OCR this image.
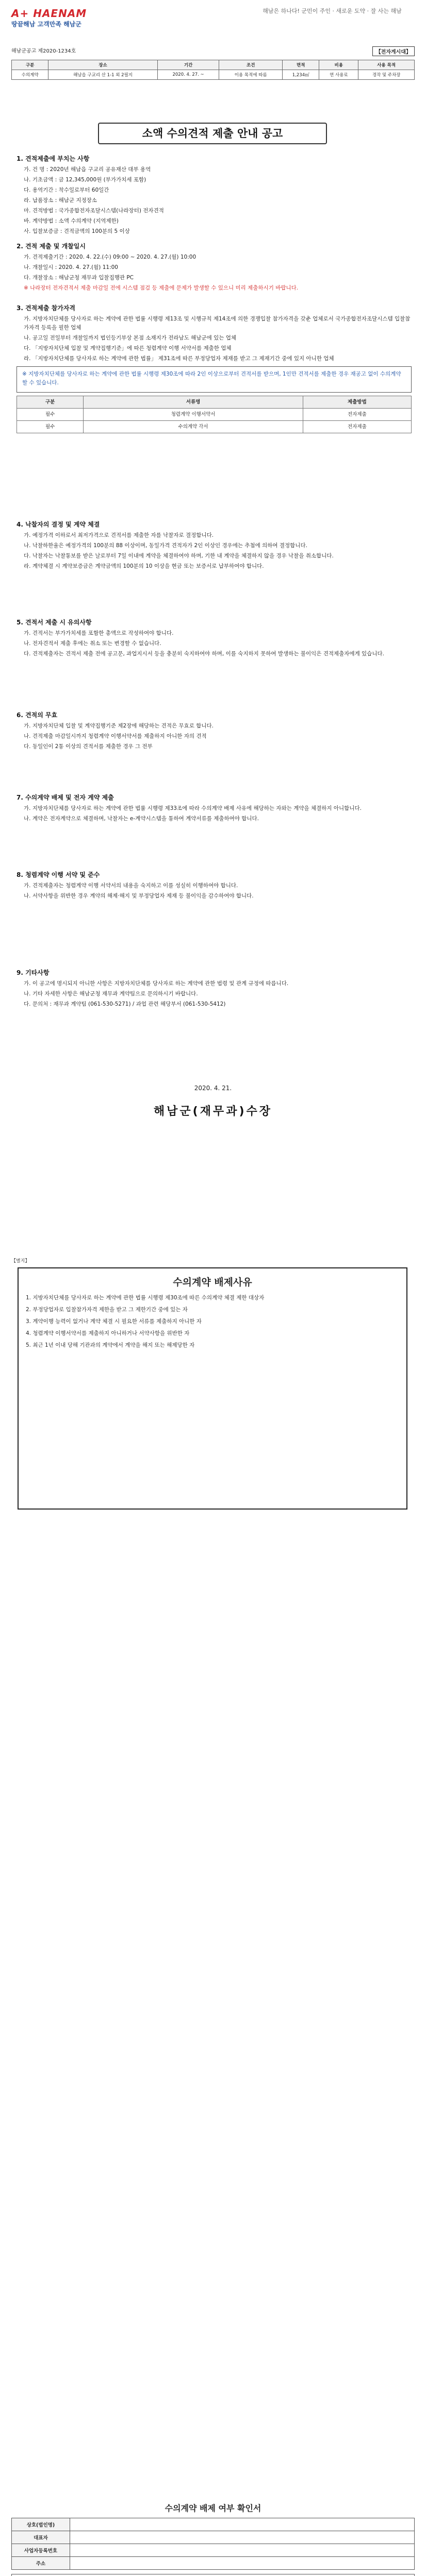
A+ HAENAM
땅끝해남 고객만족 해남군
해남은 하나다! 군민이 주인 · 새로운 도약 · 잘 사는 해남
해남군공고 제2020-1234호	【전자게시대】
구분	장소	기간	조건	면적	비용	사용 목적
수의계약	해남읍 구교리 산 1-1 외 2필지	2020. 4. 27. ~	이용 목적에 따름	1,234㎡	연 사용료	경작 및 주차장
소액 수의견적 제출 안내 공고
1. 견적제출에 부치는 사항

가. 건 명 : 2020년 해남읍 구교리 공유재산 대부 용역

나. 기초금액 : 금 12,345,000원 (부가가치세 포함)

다. 용역기간 : 착수일로부터 60일간

라. 납품장소 : 해남군 지정장소

마. 견적방법 : 국가종합전자조달시스템(나라장터) 전자견적

바. 계약방법 : 소액 수의계약 (지역제한)

사. 입찰보증금 : 견적금액의 100분의 5 이상

2. 견적 제출 및 개찰일시

가. 견적제출기간 : 2020. 4. 22.(수) 09:00 ~ 2020. 4. 27.(월) 10:00

나. 개찰일시 : 2020. 4. 27.(월) 11:00

다. 개찰장소 : 해남군청 재무과 입찰집행관 PC

※ 나라장터 전자견적서 제출 마감일 전에 시스템 점검 등 제출에 문제가 발생할 수 있으니 미리 제출하시기 바랍니다.

3. 견적제출 참가자격

가. 지방자치단체를 당사자로 하는 계약에 관한 법률 시행령 제13조 및 시행규칙 제14조에 의한 경쟁입찰 참가자격을 갖춘 업체로서 국가종합전자조달시스템 입찰참가자격 등록을 필한 업체

나. 공고일 전일부터 개찰일까지 법인등기부상 본점 소재지가 전라남도 해남군에 있는 업체

다. 「지방자치단체 입찰 및 계약집행기준」에 따른 청렴계약 이행 서약서를 제출한 업체

라. 「지방자치단체를 당사자로 하는 계약에 관한 법률」 제31조에 따른 부정당업자 제재를 받고 그 제재기간 중에 있지 아니한 업체

※ 지방자치단체를 당사자로 하는 계약에 관한 법률 시행령 제30조에 따라 2인 이상으로부터 견적서를 받으며, 1인만 견적서를 제출한 경우 재공고 없이 수의계약할 수 있습니다.

구분	서류명	제출방법
필수	청렴계약 이행서약서	전자제출
필수	수의계약 각서	전자제출
4. 낙찰자의 결정 및 계약 체결

가. 예정가격 이하로서 최저가격으로 견적서를 제출한 자를 낙찰자로 결정합니다.

나. 낙찰하한율은 예정가격의 100분의 88 이상이며, 동일가격 견적자가 2인 이상인 경우에는 추첨에 의하여 결정합니다.

다. 낙찰자는 낙찰통보를 받은 날로부터 7일 이내에 계약을 체결하여야 하며, 기한 내 계약을 체결하지 않을 경우 낙찰을 취소합니다.

라. 계약체결 시 계약보증금은 계약금액의 100분의 10 이상을 현금 또는 보증서로 납부하여야 합니다.

5. 견적서 제출 시 유의사항

가. 견적서는 부가가치세를 포함한 총액으로 작성하여야 합니다.

나. 전자견적서 제출 후에는 취소 또는 변경할 수 없습니다.

다. 견적제출자는 견적서 제출 전에 공고문, 과업지시서 등을 충분히 숙지하여야 하며, 이를 숙지하지 못하여 발생하는 불이익은 견적제출자에게 있습니다.

6. 견적의 무효

가. 지방자치단체 입찰 및 계약집행기준 제2장에 해당하는 견적은 무효로 합니다.

나. 견적제출 마감일시까지 청렴계약 이행서약서를 제출하지 아니한 자의 견적

다. 동일인이 2통 이상의 견적서를 제출한 경우 그 전부

7. 수의계약 배제 및 전자 계약 제출

가. 지방자치단체를 당사자로 하는 계약에 관한 법률 시행령 제33조에 따라 수의계약 배제 사유에 해당하는 자와는 계약을 체결하지 아니합니다.

나. 계약은 전자계약으로 체결하며, 낙찰자는 e-계약시스템을 통하여 계약서류를 제출하여야 합니다.

8. 청렴계약 이행 서약 및 준수

가. 견적제출자는 청렴계약 이행 서약서의 내용을 숙지하고 이를 성실히 이행하여야 합니다.

나. 서약사항을 위반한 경우 계약의 해제·해지 및 부정당업자 제재 등 불이익을 감수하여야 합니다.

9. 기타사항

가. 이 공고에 명시되지 아니한 사항은 지방자치단체를 당사자로 하는 계약에 관한 법령 및 관계 규정에 따릅니다.

나. 기타 자세한 사항은 해남군청 재무과 계약팀으로 문의하시기 바랍니다.

다. 문의처 : 재무과 계약팀 (061-530-5271) / 과업 관련 해당부서 (061-530-5412)

2020. 4. 21.
해남군(재무과)수장
【별지】
수의계약 배제사유

1. 지방자치단체를 당사자로 하는 계약에 관한 법률 시행령 제30조에 따른 수의계약 체결 제한 대상자

2. 부정당업자로 입찰참가자격 제한을 받고 그 제한기간 중에 있는 자

3. 계약이행 능력이 없거나 계약 체결 시 필요한 서류를 제출하지 아니한 자

4. 청렴계약 이행서약서를 제출하지 아니하거나 서약사항을 위반한 자

5. 최근 1년 이내 당해 기관과의 계약에서 계약을 해지 또는 해제당한 자

수의계약 배제 여부 확인서
상호(법인명)	
대표자	
사업자등록번호	
주소	
